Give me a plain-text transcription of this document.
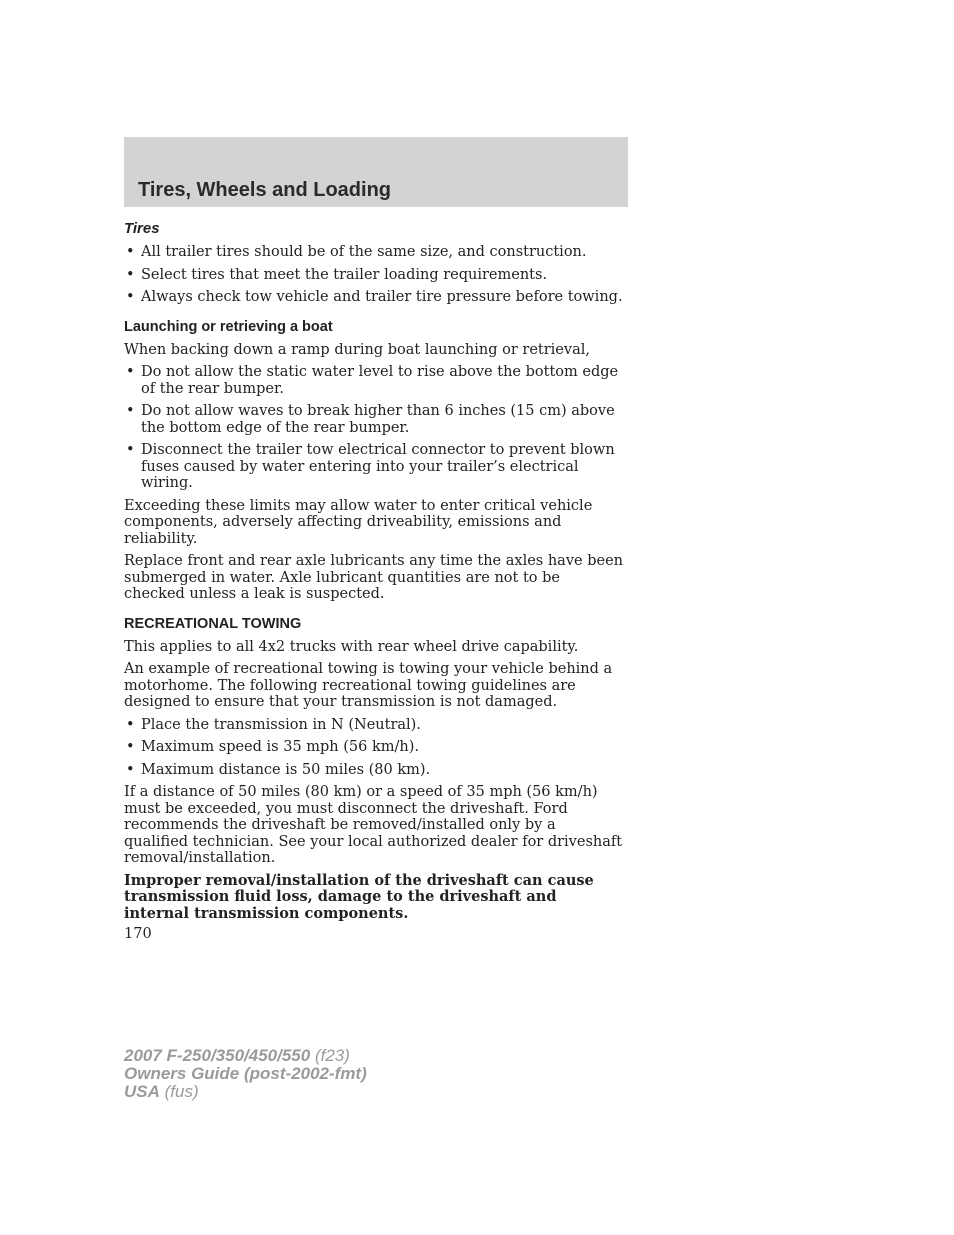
Tires, Wheels and Loading
Tires
• All trailer tires should be of the same size, and construction.
• Select tires that meet the trailer loading requirements.
• Always check tow vehicle and trailer tire pressure before towing.
Launching or retrieving a boat

When backing down a ramp during boat launching or retrieval,

• Do not allow the static water level to rise above the bottom edge of the rear bumper.
• Do not allow waves to break higher than 6 inches (15 cm) above the bottom edge of the rear bumper.
• Disconnect the trailer tow electrical connector to prevent blown fuses caused by water entering into your trailer’s electrical wiring.

Exceeding these limits may allow water to enter critical vehicle components, adversely affecting driveability, emissions and reliability.

Replace front and rear axle lubricants any time the axles have been submerged in water. Axle lubricant quantities are not to be checked unless a leak is suspected.

RECREATIONAL TOWING

This applies to all 4x2 trucks with rear wheel drive capability.

An example of recreational towing is towing your vehicle behind a motorhome. The following recreational towing guidelines are designed to ensure that your transmission is not damaged.

• Place the transmission in N (Neutral).
• Maximum speed is 35 mph (56 km/h).
• Maximum distance is 50 miles (80 km).

If a distance of 50 miles (80 km) or a speed of 35 mph (56 km/h) must be exceeded, you must disconnect the driveshaft. Ford recommends the driveshaft be removed/installed only by a qualified technician. See your local authorized dealer for driveshaft removal/installation.

Improper removal/installation of the driveshaft can cause transmission fluid loss, damage to the driveshaft and internal transmission components.

170
2007 F-250/350/450/550 (f23)
Owners Guide (post-2002-fmt)
USA (fus)
